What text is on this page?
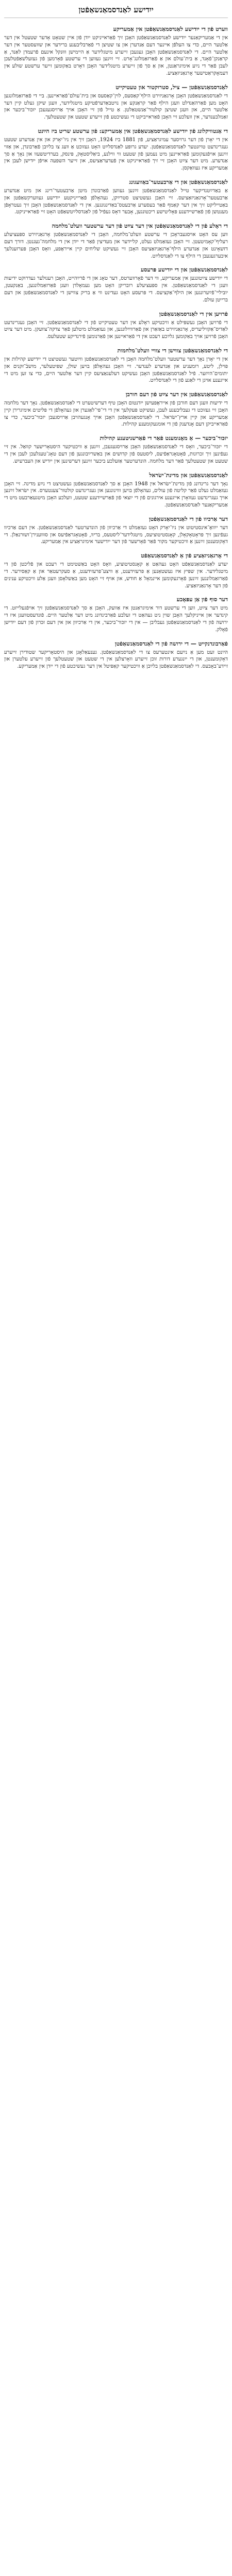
ייִדישע לאַנדסמאַנשאַפֿטן
ווערט פֿון די ייִדישע לאַנדסמאַנשאַפֿטן אין אַמעריקע

אין די אַמעריקאַנער ייִדישע לאַנדסמאַנשאַפֿטן האָבן זיך פֿאַראייניקט ייִדן פֿון איין שטאָט אָדער שטעטל אין דער אַלטער היים, כּדי צו העלפֿן איינער דעם אַנדערן און צו שטיצן די פֿאַרבליבענע ברידער און שוועסטער אין דער אַלטער היים. די לאַנדסמאַנשאַפֿטן האָבן געגעבן זייערע מיטגלידער אַ היימישן וווּנקל אינעם פֿרעמדן לאַנד, אַ קראַנקן־פֿאָנד, אַ בית־עולם און אַ פֿאַרזאַמלונג־אָרט. זיי זײַנען געווען די ערשטע פֿאָרמען פֿון געזעלשאַפֿטלעכן לעבן פֿאַר די נײַע אימיגראַנטן, און אַ סך פֿון זייערע מיטגלידער האָבן דאָרט באַקומען זייער ערשטע שולע אין דעמאָקראַטישער אָרגאַניזאַציע.

לאַנדסמאַנשאַפֿטן — ציל, סטרוקטור און טעטיקייט

די לאַנדסמאַנשאַפֿטן האָבן אָרגאַניזירט הילף־קאַסעס, לוין־קאַסעס און בית־עולם־פֿאַראיינען. ביי די פֿאַרזאַמלונגען האָט מען פֿאַרהאַנדלט וועגן הילף פֿאַר קראַנקע און נויטבאַדערפֿטיקע מיטגלידער, וועגן שיקן געלט קיין דער אַלטער היים, און וועגן שטיצן קולטור־אַנשטאַלטן. אַ טייל פֿון זיי האָבן אויך אַרויסגעגעבן יזכּור־ביכער און זאַמלבענדער, אין וועלכע זיי האָבן פֿאַראייביקט די געשיכטע פֿון זייערע שטעט און שטעטלעך.

די אַנטוויקלונג פֿון ייִדישע לאַנדסמאַנשאַפֿטן אין אַמעריקע: פֿון ערשטע שריט ביז הײַנט

אין די יאָרן פֿון דער גרויסער עמיגראַציע, פֿון 1881 ביז 1924, האָבן זיך אין ניו־יאָרק און אין אַנדערע שטעט געגרינדעט טויזנטער לאַנדסמאַנשאַפֿטן. יעדע גרופּע לאַנדסלײַט האָט געזוכט אַ וועג צו בלײַבן פֿאַרבונדן, און אַזוי זײַנען אויפֿגעקומען פֿאַראיינען מיט נעמען פֿון שטעט ווי ווילנע, ביאַליסטאָק, פּינסק, בערדיטשעוו און נאָך אַ סך אַנדערע. מיט דער צײַט האָבן זיי זיך פֿאַראייניקט אין פֿעדעראַציעס, און זייער השפּעה אויפֿן ייִדישן לעבן אין אַמעריקע איז געוואַקסן.

לאַנדסמאַנשאַפֿטן און די אַרבעטער־באַוועגונג

אַ באַדײַטנדיקער טייל לאַנדסמאַנשאַפֿטן זײַנען געווען פֿאַרבונדן מיטן אַרבעטער־רינג און מיט אַנדערע אַרבעטער־אָרגאַניזאַציעס. זיי האָבן געשטיצט סטרײַקן, געהאָלפֿן פֿאַרייניקטע ייִדישע געווערקשאַפֿטן און באַטייליקט זיך אין דער קאַמף פֿאַר בעסערע אַרבעטס־באַדינגונגען. אין די לאַנדסמאַנשאַפֿטן האָבן זיך געטראָפֿן מענטשן פֿון פֿאַרשיידענע פּאָליטישע ריכטונגען, אָבער דאָס געפֿיל פֿון לאַנדסלײַטשאַפֿט האָט זיי פֿאַראייניקט.

די ראָלע פֿון די לאַנדסמאַנשאַפֿטן אין דער צײַט פֿון דער ערשטער וועלט־מלחמה

ווען עס האָט אויסגעבראָכן די ערשטע וועלט־מלחמה, האָבן די לאַנדסמאַנשאַפֿטן אָרגאַניזירט ספּעציעלע רעליף־קאָמיטעטן. זיי האָבן געזאַמלט געלט, קליידער און מעדיצין פֿאַר די ייִדן אין די מלחמה־געגנטן. דורך דעם דזשאָינט און אַנדערע הילף־אָרגאַניזאַציעס האָבן זיי געשיקט שליחים קיין אייראָפּע, וואָס האָבן פּערזענלעך איבערגעגעבן די הילף צו די לאַנדסלײַט.

לאַנדסמאַנשאַפֿטן און די ייִדישע פּרעסע

די ייִדישע צײַטונגען אין אַמעריקע, ווי דער פֿאָרווערטס, דער טאָג און די פֿרײַהייט, האָבן רעגולער געדרוקט ידיעות וועגן די לאַנדסמאַנשאַפֿטן. אין ספּעציעלע רובריקן האָט מען געמאָלדן וועגן פֿאַרזאַמלונגען, באַנקעטן, יוביליי־פֿײַערונגען און הילף־אַקציעס. די פּרעסע האָט געדינט ווי אַ בריק צווישן די לאַנדסמאַנשאַפֿטן און דעם ברייטן עולם.

פֿרויען אין די לאַנדסמאַנשאַפֿטן

די פֿרויען האָבן געשפּילט אַ וויכטיקע ראָלע אין דער טעטיקייט פֿון די לאַנדסמאַנשאַפֿטן. זיי האָבן געגרינדעט לאַדיס־אַקזיליעריס, אָרגאַניזירט באַזאַרן און פֿאַרווײַלונגען, און געזאַמלט מיטלען פֿאַר צדקה־צוועקן. מיט דער צײַט האָבן פֿרויען אויך באַקומען גלײַכע רעכט אין די פֿאַראיינען און פֿאַרנומען פֿירנדיקע שטעלעס.

די לאַנדסמאַנשאַפֿטן צווישן די צוויי וועלט־מלחמות

אין די יאָרן נאָך דער ערשטער וועלט־מלחמה האָבן די לאַנדסמאַנשאַפֿטן ווײַטער געשטיצט די ייִדישע קהילות אין פּוילן, ליטע, רומעניע און אַנדערע לענדער. זיי האָבן געהאָלפֿן בויען שולן, שפּיטעלער, מושבֿ־זקנים און יתומים־הײַזער. פֿיל לאַנדסמאַנשאַפֿטן האָבן געשיקט דעלעגאַציעס קיין דער אַלטער היים, כּדי צו זען מיט די אייגענע אויגן די לאַגע פֿון די לאַנדסלײַט.

לאַנדסמאַנשאַפֿטן אין דער צײַט פֿון דעם חורבן

די ידיעות וועגן דעם חורבן פֿון אייראָפּעיִשן ייִדנטום האָבן טיף דערשיטערט די לאַנדסמאַנשאַפֿטן. נאָך דער מלחמה האָבן זיי געזוכט די געבליבענע לעבן, געשיקט פּעקלעך אין די די־פּי־לאַגערן און געהאָלפֿן די פּליטים אימיגרירן קיין אַמעריקע און קיין ארץ־ישׂראל. די לאַנדסמאַנשאַפֿטן האָבן אויך אָנגעהויבן אַרויסגעבן יזכּור־ביכער, כּדי צו פֿאַראייביקן דעם אָנדענק פֿון די אומגעקומענע קהילות.

יזכּור־ביכער — אַ מאָנומענט פֿאַר די פֿאַרשניטענע קהילות

די יזכּור־ביכער, וואָס די לאַנדסמאַנשאַפֿטן האָבן אַרויסגעגעבן, זײַנען אַ וויכטיקער היסטאָרישער קוואַל. אין זיי געפֿינען זיך זכרונות, פֿאָטאָגראַפֿיעס, ליסטעס פֿון קדושים און באַשרײַבונגען פֿון דעם טאָג־טעגלעכן לעבן אין די שטעט און שטעטלעך פֿאַר דער מלחמה. הונדערטער אַזעלכע ביכער זײַנען דערשינען אין ייִדיש און העברעיִש.

לאַנדסמאַנשאַפֿטן און מדינת־ישׂראל

נאָך דער גרינדונג פֿון מדינת־ישׂראל אין 1948 האָבן אַ סך לאַנדסמאַנשאַפֿטן געשטיצט די נײַע מדינה. זיי האָבן געזאַמלט געלט פֿאַר קליטה פֿון עולים, געהאָלפֿן בויען וווינונגען און געגרינדעט קולטור־צענטערס. אין ישׂראל זײַנען אויך געגרינדעט געוואָרן אייגענע אירגונים פֿון די יוצאי פֿון פֿאַרשיידענע שטעט, וועלכע האָבן מיטגעאַרבעט מיט די אַמעריקאַנער לאַנדסמאַנשאַפֿטן.

דער אַרכיוו פֿון די לאַנדסמאַנשאַפֿטן

דער ייִוואָ־אינסטיטוט אין ניו־יאָרק האָט געזאַמלט די אַרכיוון פֿון הונדערטער לאַנדסמאַנשאַפֿטן. אין דעם אַרכיוו געפֿינען זיך פּראָטאָקאָלן, קאָנסטיטוציעס, מיטגלידער־ליסטעס, בריוו, פֿאָטאָגראַפֿיעס און סוּווענירן־זשורנאַלן. די דאָקומענטן זײַנען אַ וויכטיקער מקור פֿאַר פֿאָרשער פֿון דער ייִדישער אימיגראַציע אין אַמעריקע.

די אָרגאַניזאַציע פֿון אַ לאַנדסמאַנשאַפֿט

יעדע לאַנדסמאַנשאַפֿט האָט געהאַט אַ קאָנסטיטוציע, וואָס האָט באַשטימט די רעכט און פֿליכטן פֿון די מיטגלידער. אין שפּיץ איז געשטאַנען אַ פּרעזידענט, אַ וויצע־פּרעזידענט, אַ סעקרעטאַר און אַ קאַסירער. די פֿאַרזאַמלונגען זײַנען פֿאָרגעקומען איינמאָל אַ חודש, און אויף זיי האָט מען באַשלאָסן וועגן אַלע וויכטיקע ענינים פֿון דער אָרגאַניזאַציע.

דער סוף פֿון אַן עפּאָכע

מיט דער צײַט, ווען די ערשטע דור אימיגראַנטן איז אַוועק, האָבן אַ סך לאַנדסמאַנשאַפֿטן זיך אויפֿגעלייזט. די קינדער און אייניקלעך האָבן שוין ניט געהאַט די זעלבע פֿאַרבינדונג מיט דער אַלטער היים. פֿונדעסטוועגן איז די ירושה פֿון די לאַנדסמאַנשאַפֿטן געבליבן — אין די יזכּור־ביכער, אין די אַרכיוון און אין דעם זכּרון פֿון דעם ייִדישן פֿאָלק.

פֿאַרבונדנקייט — די ירושה פֿון די לאַנדסמאַנשאַפֿטן

הײַנט זעט מען אַ נײַעם אינטערעס צו די לאַנדסמאַנשאַפֿטן. גענעאַלאָגן און היסטאָריקער שטודירן זייערע דאָקומענטן, און די ייִנגערע דורות זוכן זייערע וואָרצלען אין די שטעט און שטעטלעך פֿון זייערע עלטערן און זיידע־באָבעס. די לאַנדסמאַנשאַפֿטן בלײַבן אַ וויכטיקער קאַפּיטל אין דער געשיכטע פֿון די ייִדן אין אַמעריקע.
